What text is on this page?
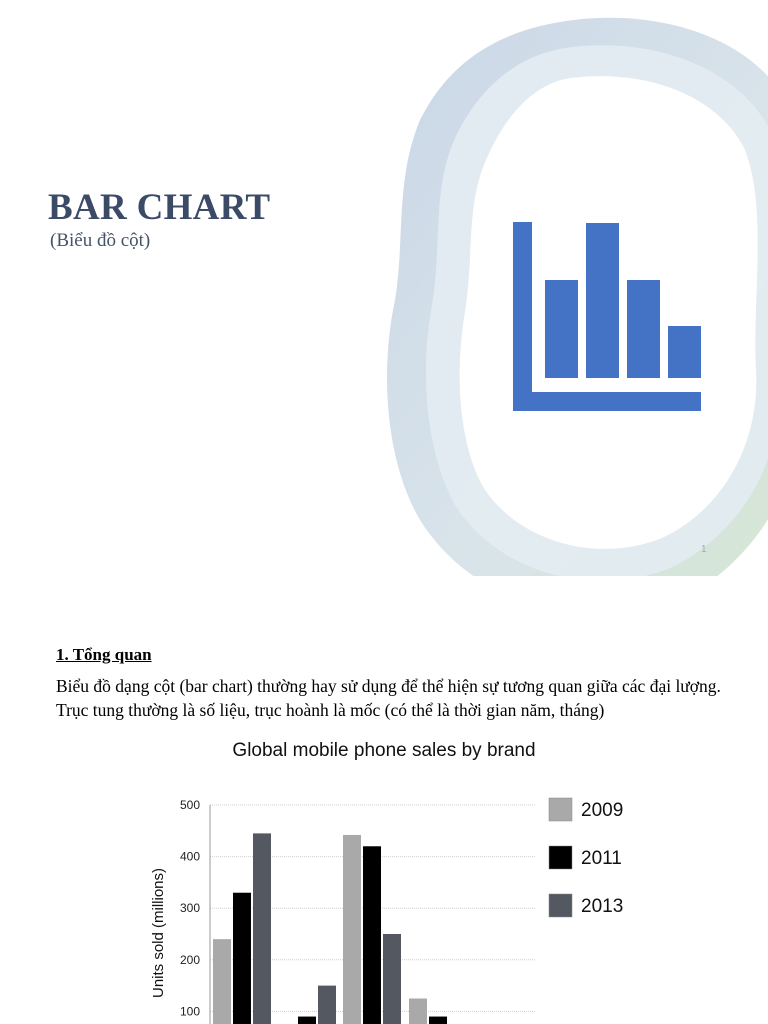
BAR CHART
(Biểu đồ cột)
1
1. Tổng quan

Biểu đồ dạng cột (bar chart) thường hay sử dụng để thể hiện sự tương quan giữa các đại lượng. Trục tung thường là số liệu, trục hoành là mốc (có thể là thời gian năm, tháng)

Global mobile phone sales by brand
100
200
300
400
500
Units sold (millions)
2009
2011
2013
